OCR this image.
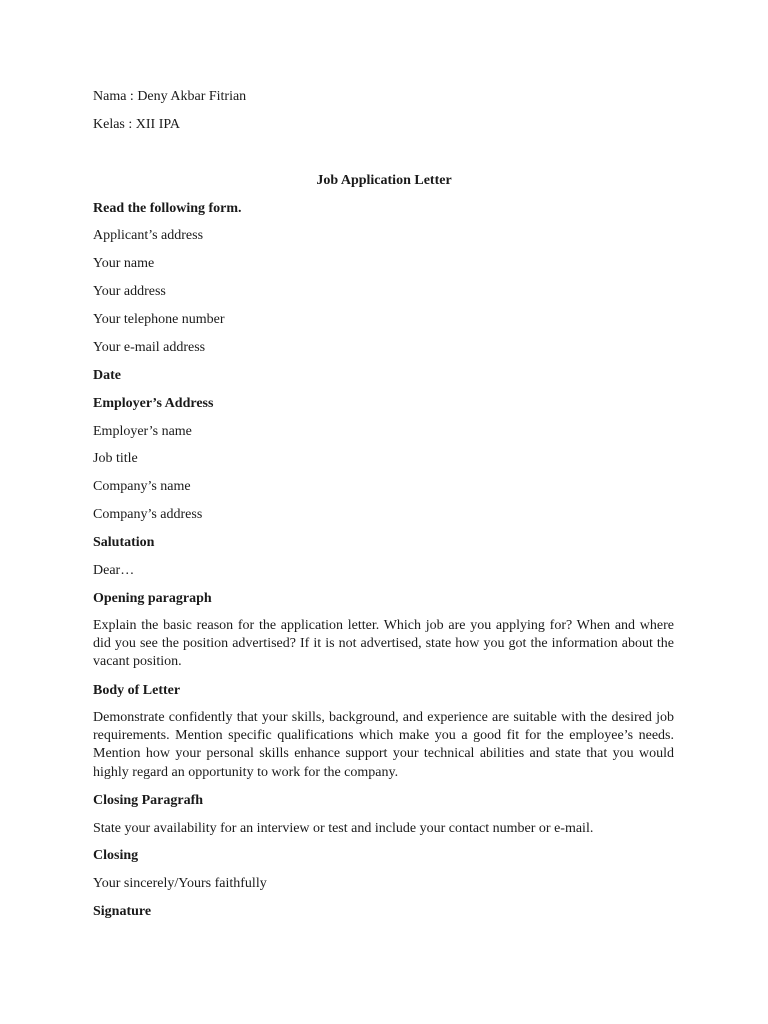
Nama : Deny Akbar Fitrian

Kelas : XII IPA

Job Application Letter

Read the following form.

Applicant’s address

Your name

Your address

Your telephone number

Your e-mail address

Date

Employer’s Address

Employer’s name

Job title

Company’s name

Company’s address

Salutation

Dear…

Opening paragraph

Explain the basic reason for the application letter. Which job are you applying for? When and where did you see the position advertised? If it is not advertised, state how you got the information about the vacant position.

Body of Letter

Demonstrate confidently that your skills, background, and experience are suitable with the desired job requirements. Mention specific qualifications which make you a good fit for the employee’s needs. Mention how your personal skills enhance support your technical abilities and state that you would highly regard an opportunity to work for the company.

Closing Paragrafh

State your availability for an interview or test and include your contact number or e-mail.

Closing

Your sincerely/Yours faithfully

Signature
